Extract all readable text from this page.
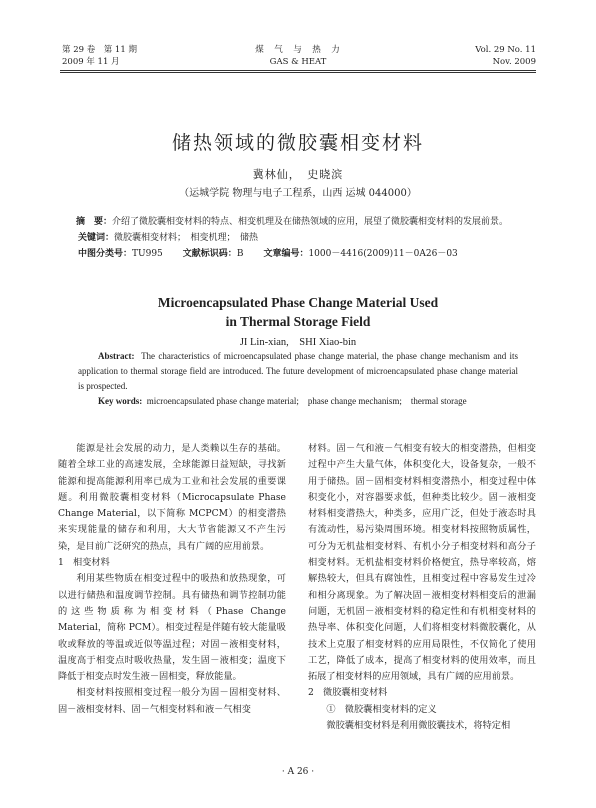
第 29 卷　第 11 期
2009 年 11 月
煤　气　与　热　力
GAS & HEAT
Vol. 29 No. 11
Nov. 2009
储热领域的微胶囊相变材料
冀林仙，　史晓滨
（运城学院 物理与电子工程系，山西 运城 044000）
摘　要：介绍了微胶囊相变材料的特点、相变机理及在储热领域的应用，展望了微胶囊相变材料的发展前景。
关键词：微胶囊相变材料；　相变机理；　储热
中图分类号：TU995 文献标识码：B 文章编号：1000－4416(2009)11－0A26－03
Microencapsulated Phase Change Material Used
in Thermal Storage Field
JI Lin-xian,　SHI Xiao-bin
Abstract: The characteristics of microencapsulated phase change material, the phase change mechanism and its application to thermal storage field are introduced. The future development of microencapsulated phase change material is prospected.
Key words: microencapsulated phase change material;　phase change mechanism;　thermal storage

能源是社会发展的动力，是人类赖以生存的基础。随着全球工业的高速发展，全球能源日益短缺，寻找新能源和提高能源利用率已成为工业和社会发展的重要课题。利用微胶囊相变材料（Microcapsulate Phase Change Material，以下简称 MCPCM）的相变潜热来实现能量的储存和利用，大大节省能源又不产生污染，是目前广泛研究的热点，具有广阔的应用前景。

1　相变材料

利用某些物质在相变过程中的吸热和放热现象，可以进行储热和温度调节控制。具有储热和调节控制功能的这些物质称为相变材料（Phase Change Material，简称 PCM）。相变过程是伴随有较大能量吸收或释放的等温或近似等温过程；对固－液相变材料，温度高于相变点时吸收热量，发生固－液相变；温度下降低于相变点时发生液－固相变，释放能量。

相变材料按照相变过程一般分为固－固相变材料、固－液相变材料、固－气相变材料和液－气相变

材料。固－气和液－气相变有较大的相变潜热，但相变过程中产生大量气体，体积变化大，设备复杂，一般不用于储热。固－固相变材料相变潜热小，相变过程中体积变化小，对容器要求低，但种类比较少。固－液相变材料相变潜热大，种类多，应用广泛，但处于液态时具有流动性，易污染周围环境。相变材料按照物质属性，可分为无机盐相变材料、有机小分子相变材料和高分子相变材料。无机盐相变材料价格便宜，热导率较高，熔解热较大，但具有腐蚀性，且相变过程中容易发生过冷和相分离现象。为了解决固－液相变材料相变后的泄漏问题，无机固－液相变材料的稳定性和有机相变材料的热导率、体积变化问题，人们将相变材料微胶囊化，从技术上克服了相变材料的应用局限性，不仅简化了使用工艺，降低了成本，提高了相变材料的使用效率，而且拓展了相变材料的应用领域，具有广阔的应用前景。

2　微胶囊相变材料

①　微胶囊相变材料的定义

微胶囊相变材料是利用微胶囊技术，将特定相

· A 26 ·
